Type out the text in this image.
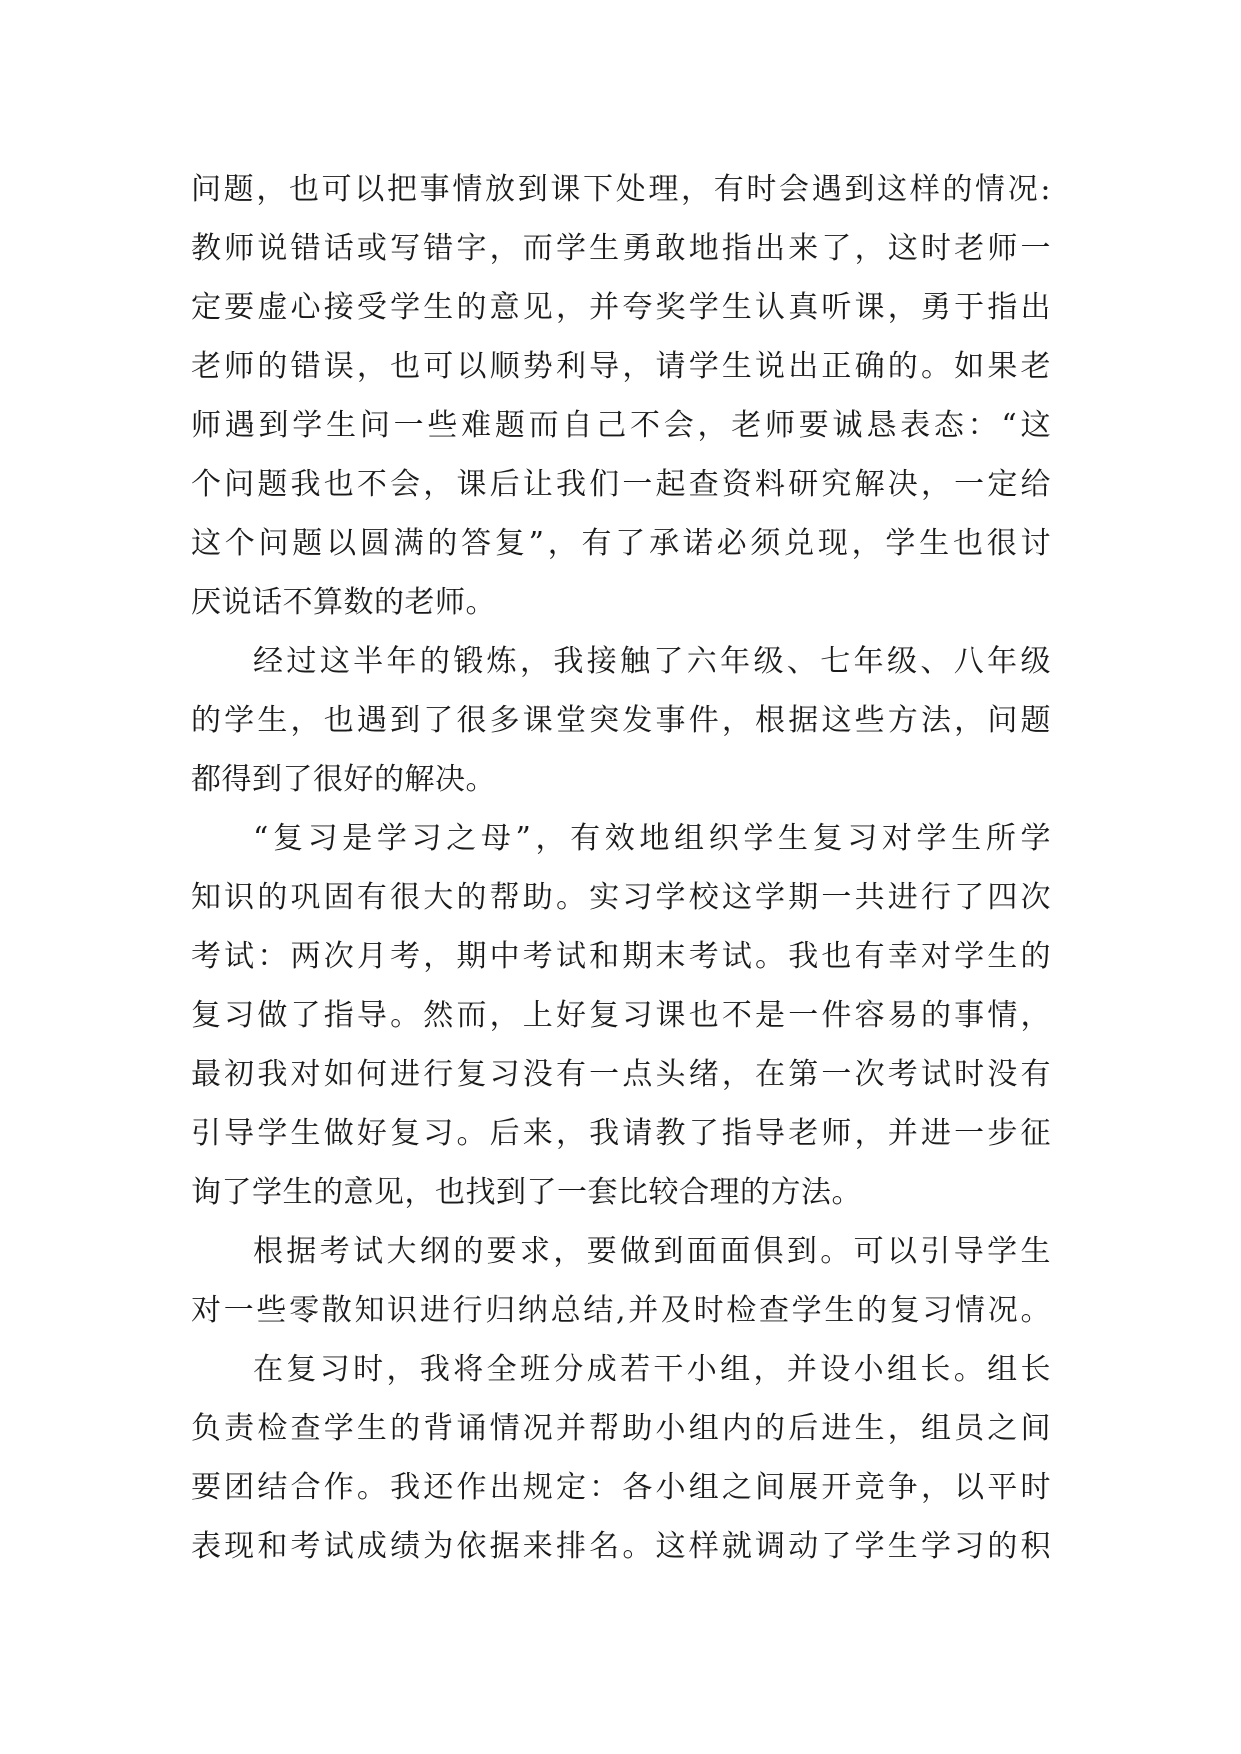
问题，也可以把事情放到课下处理，有时会遇到这样的情况:
教师说错话或写错字，而学生勇敢地指出来了，这时老师一
定要虚心接受学生的意见，并夸奖学生认真听课，勇于指出
老师的错误，也可以顺势利导，请学生说出正确的。如果老
师遇到学生问一些难题而自己不会，老师要诚恳表态：“这
个问题我也不会，课后让我们一起查资料研究解决，一定给
这个问题以圆满的答复”，有了承诺必须兑现，学生也很讨
厌说话不算数的老师。
经过这半年的锻炼，我接触了六年级、七年级、八年级
的学生，也遇到了很多课堂突发事件，根据这些方法，问题
都得到了很好的解决。
“复习是学习之母”，有效地组织学生复习对学生所学
知识的巩固有很大的帮助。实习学校这学期一共进行了四次
考试：两次月考，期中考试和期末考试。我也有幸对学生的
复习做了指导。然而，上好复习课也不是一件容易的事情，
最初我对如何进行复习没有一点头绪，在第一次考试时没有
引导学生做好复习。后来，我请教了指导老师，并进一步征
询了学生的意见，也找到了一套比较合理的方法。
根据考试大纲的要求，要做到面面俱到。可以引导学生
对一些零散知识进行归纳总结,并及时检查学生的复习情况。
在复习时，我将全班分成若干小组，并设小组长。组长
负责检查学生的背诵情况并帮助小组内的后进生，组员之间
要团结合作。我还作出规定：各小组之间展开竞争，以平时
表现和考试成绩为依据来排名。这样就调动了学生学习的积
